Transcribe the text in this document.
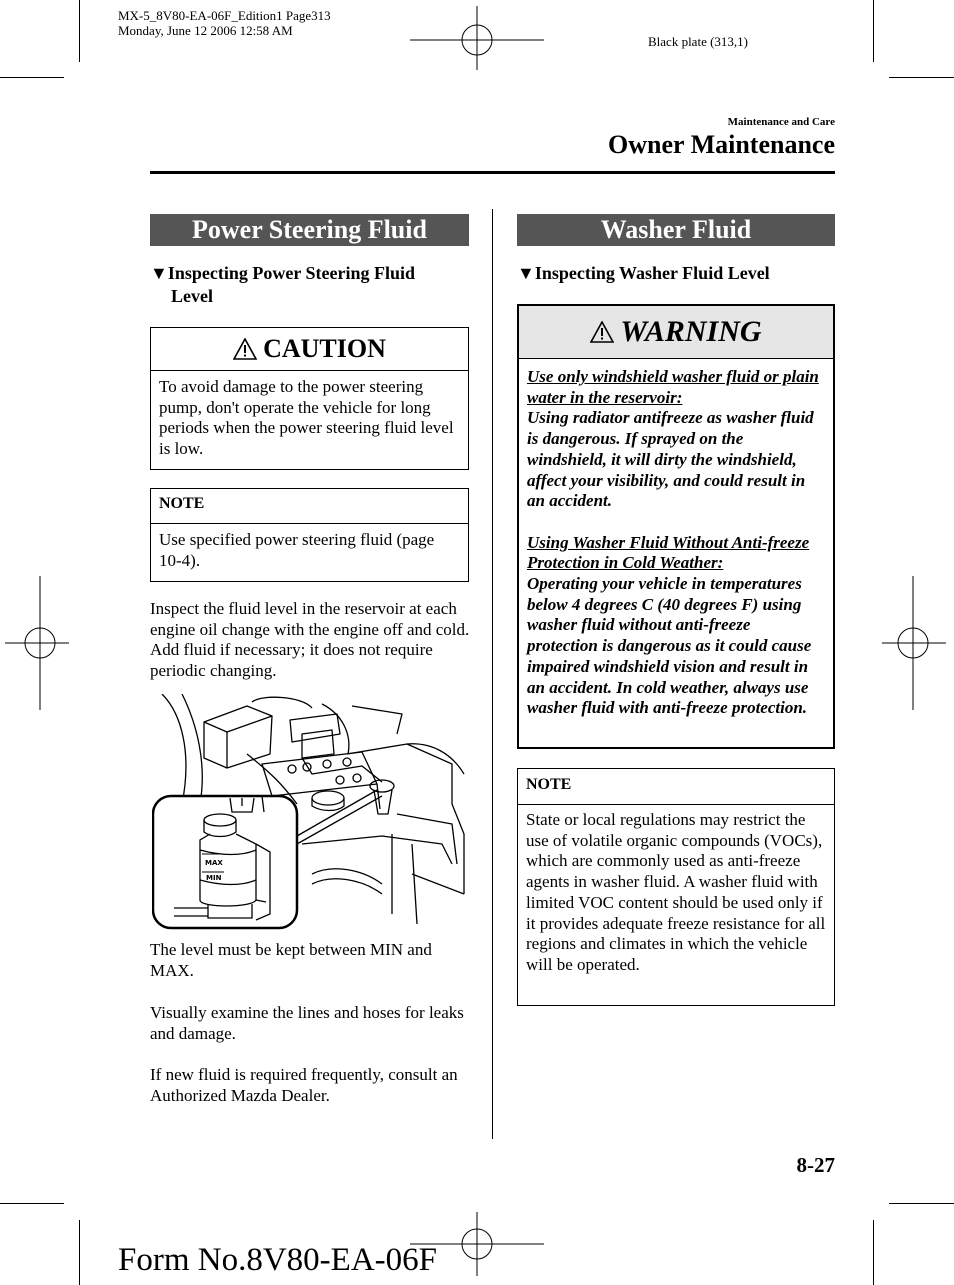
MX-5_8V80-EA-06F_Edition1 Page313
Monday, June 12 2006 12:58 AM
Black plate (313,1)
Maintenance and Care
Owner Maintenance
Power Steering Fluid
▼Inspecting Power Steering Fluid
Level
CAUTION
To avoid damage to the power steering pump, don't operate the vehicle for long periods when the power steering fluid level is low.
NOTE
Use specified power steering fluid (page 10-4).
Inspect the fluid level in the reservoir at each engine oil change with the engine off and cold. Add fluid if necessary; it does not require periodic changing.
MAX
MIN
The level must be kept between MIN and MAX.
Visually examine the lines and hoses for leaks and damage.
If new fluid is required frequently, consult an Authorized Mazda Dealer.
Washer Fluid
▼Inspecting Washer Fluid Level
WARNING
Use only windshield washer fluid or plain water in the reservoir:
Using radiator antifreeze as washer fluid is dangerous. If sprayed on the windshield, it will dirty the windshield, affect your visibility, and could result in an accident.
Using Washer Fluid Without Anti-freeze Protection in Cold Weather:
Operating your vehicle in temperatures below 4 degrees C (40 degrees F) using washer fluid without anti-freeze protection is dangerous as it could cause impaired windshield vision and result in an accident. In cold weather, always use washer fluid with anti-freeze protection.
NOTE
State or local regulations may restrict the use of volatile organic compounds (VOCs), which are commonly used as anti-freeze agents in washer fluid. A washer fluid with limited VOC content should be used only if it provides adequate freeze resistance for all regions and climates in which the vehicle will be operated.
8-27
Form No.8V80-EA-06F
